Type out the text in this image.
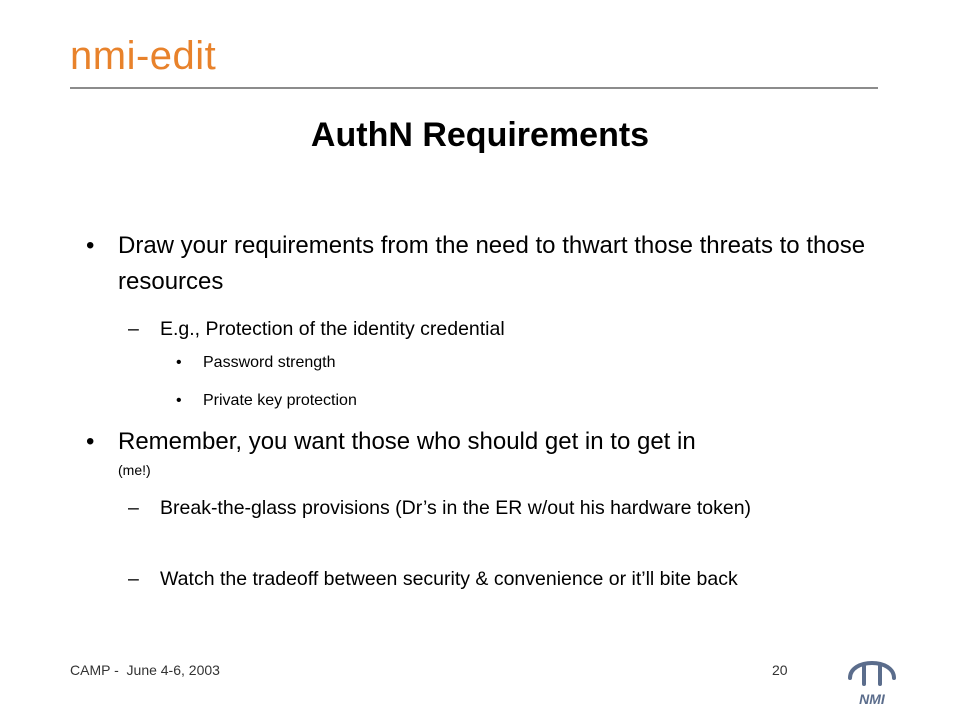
nmi-edit
AuthN Requirements
• Draw your requirements from the need to thwart those threats to those resources
– E.g., Protection of the identity credential
• Password strength
• Private key protection
• Remember, you want those who should get in to get in
(me!)
– Break-the-glass provisions (Dr’s in the ER w/out his hardware token)
– Watch the tradeoff between security & convenience or it’ll bite back
CAMP -  June 4-6, 2003	20
NMI
